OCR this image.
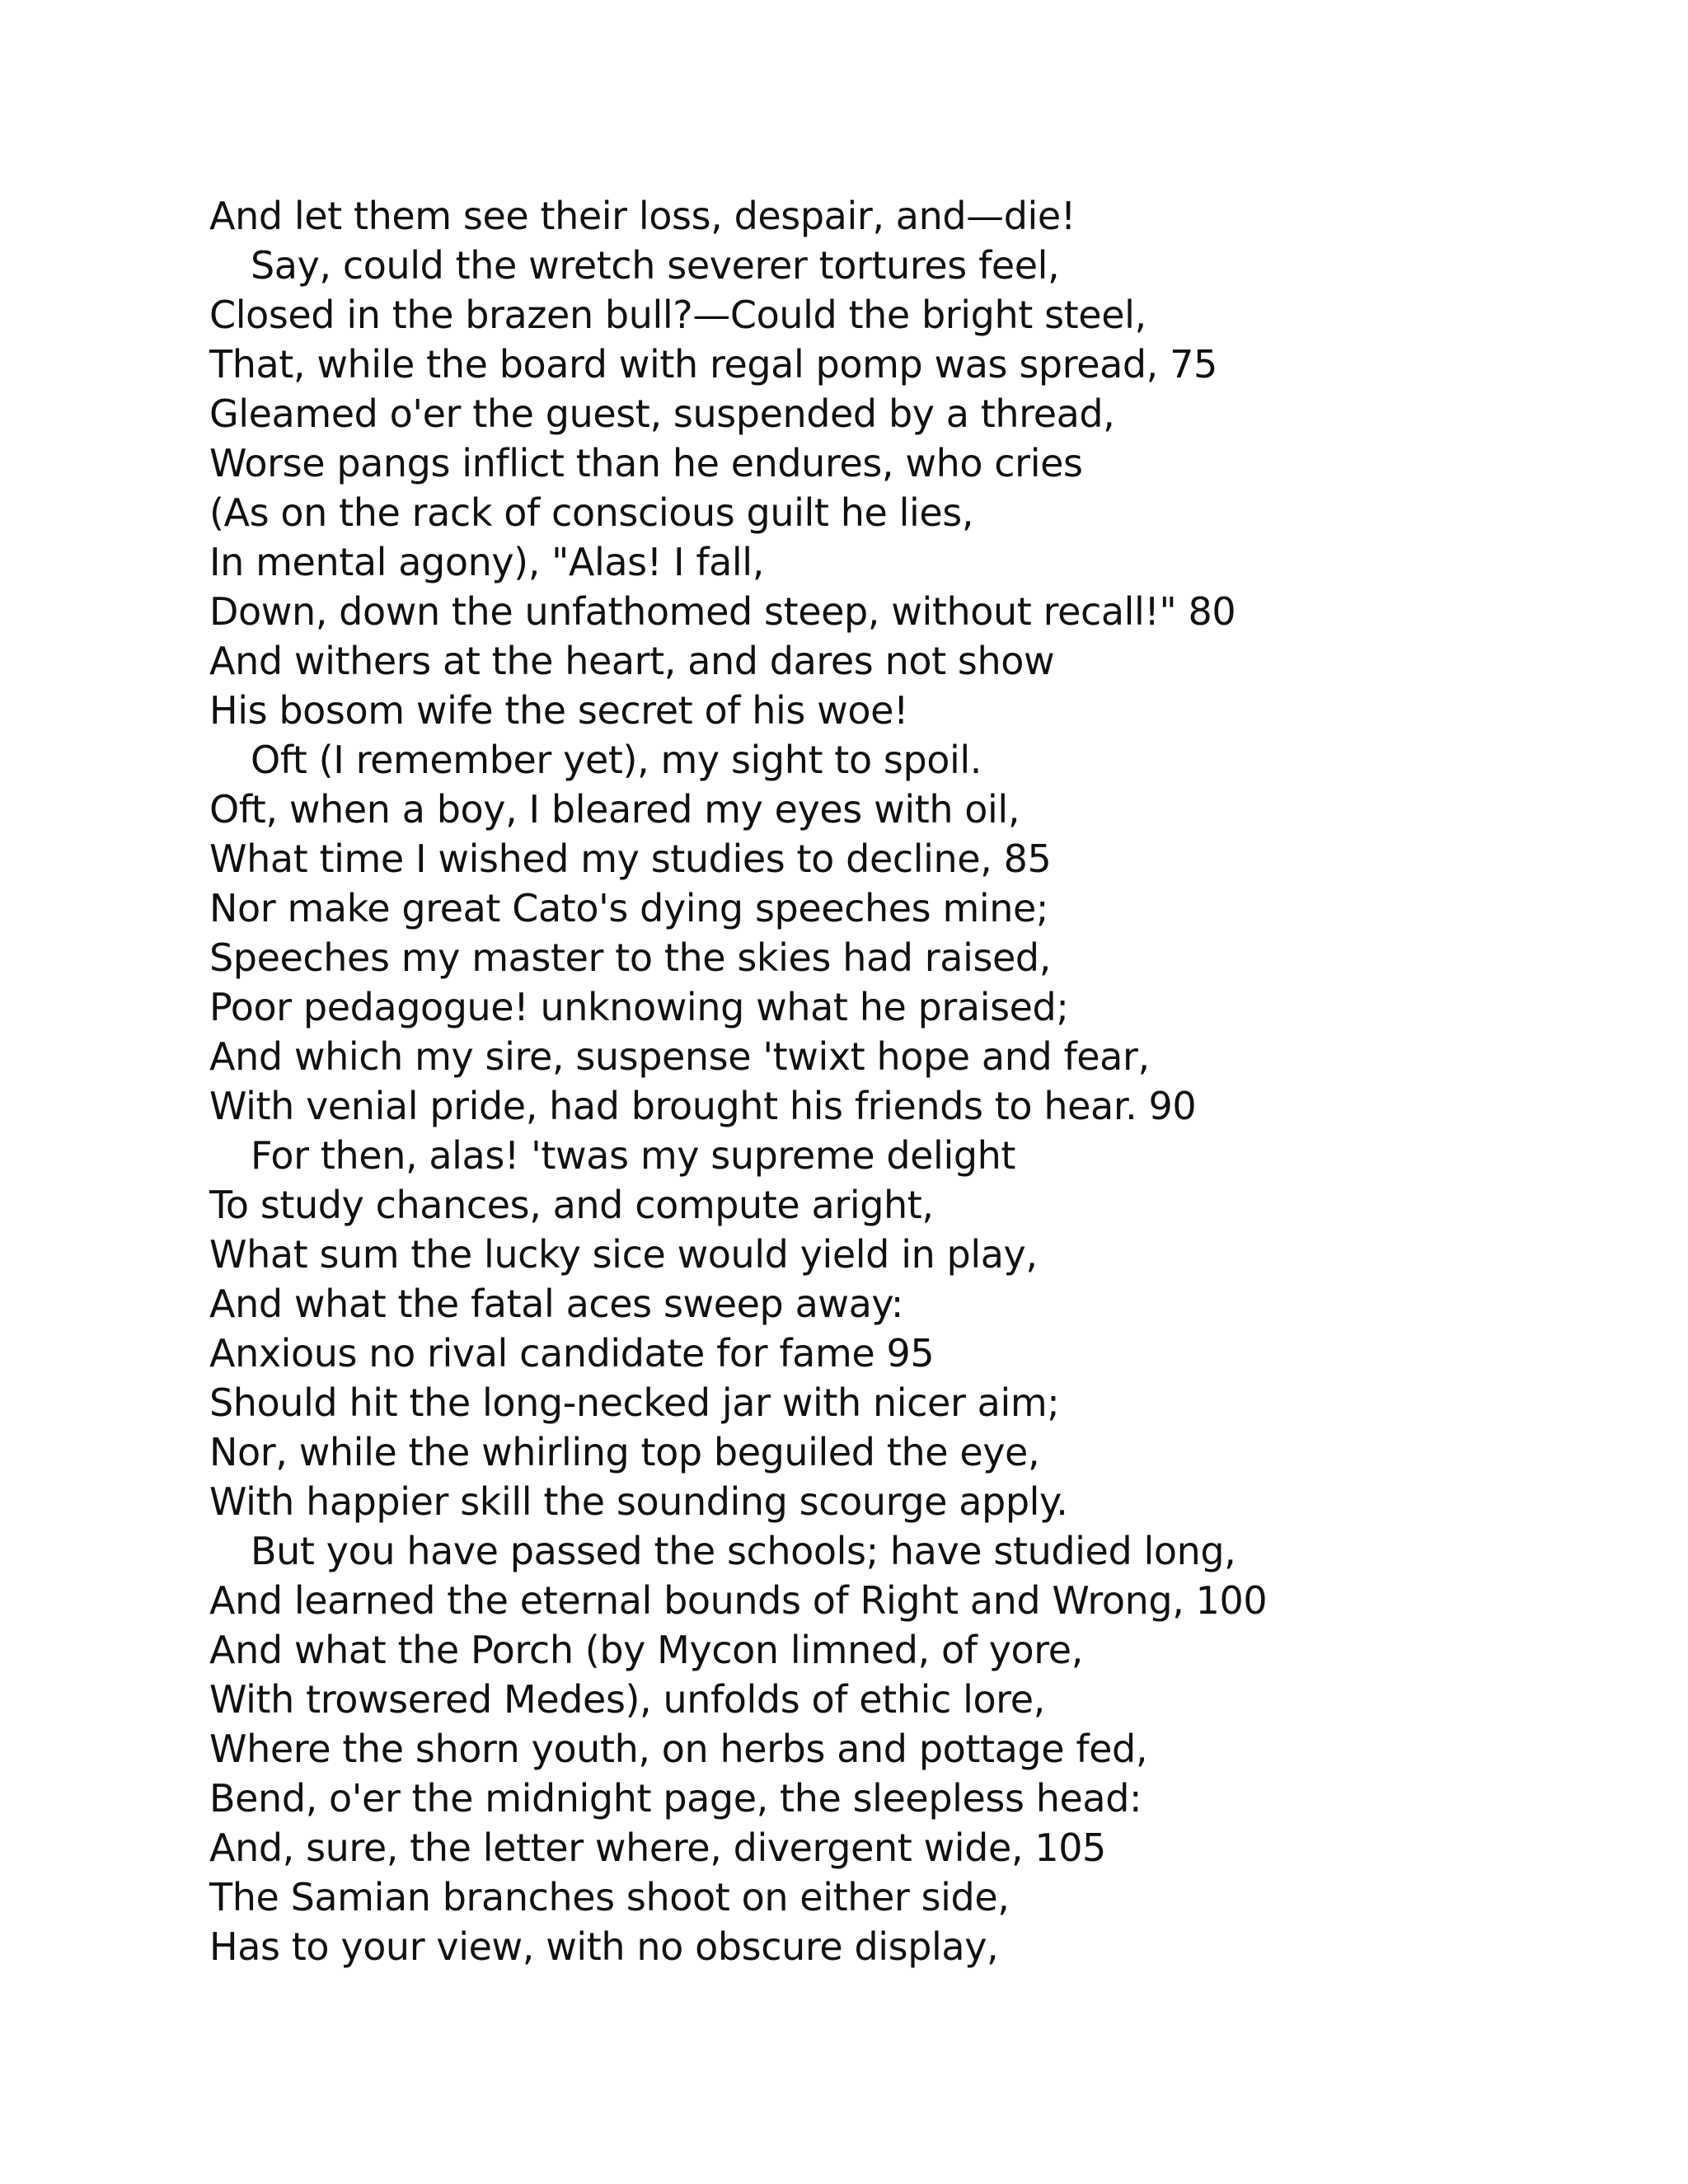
And let them see their loss, despair, and—die!
Say, could the wretch severer tortures feel,
Closed in the brazen bull?—Could the bright steel,
That, while the board with regal pomp was spread, 75
Gleamed o'er the guest, suspended by a thread,
Worse pangs inflict than he endures, who cries
(As on the rack of conscious guilt he lies,
In mental agony), "Alas! I fall,
Down, down the unfathomed steep, without recall!" 80
And withers at the heart, and dares not show
His bosom wife the secret of his woe!
Oft (I remember yet), my sight to spoil.
Oft, when a boy, I bleared my eyes with oil,
What time I wished my studies to decline, 85
Nor make great Cato's dying speeches mine;
Speeches my master to the skies had raised,
Poor pedagogue! unknowing what he praised;
And which my sire, suspense 'twixt hope and fear,
With venial pride, had brought his friends to hear. 90
For then, alas! 'twas my supreme delight
To study chances, and compute aright,
What sum the lucky sice would yield in play,
And what the fatal aces sweep away:
Anxious no rival candidate for fame 95
Should hit the long-necked jar with nicer aim;
Nor, while the whirling top beguiled the eye,
With happier skill the sounding scourge apply.
But you have passed the schools; have studied long,
And learned the eternal bounds of Right and Wrong, 100
And what the Porch (by Mycon limned, of yore,
With trowsered Medes), unfolds of ethic lore,
Where the shorn youth, on herbs and pottage fed,
Bend, o'er the midnight page, the sleepless head:
And, sure, the letter where, divergent wide, 105
The Samian branches shoot on either side,
Has to your view, with no obscure display,
